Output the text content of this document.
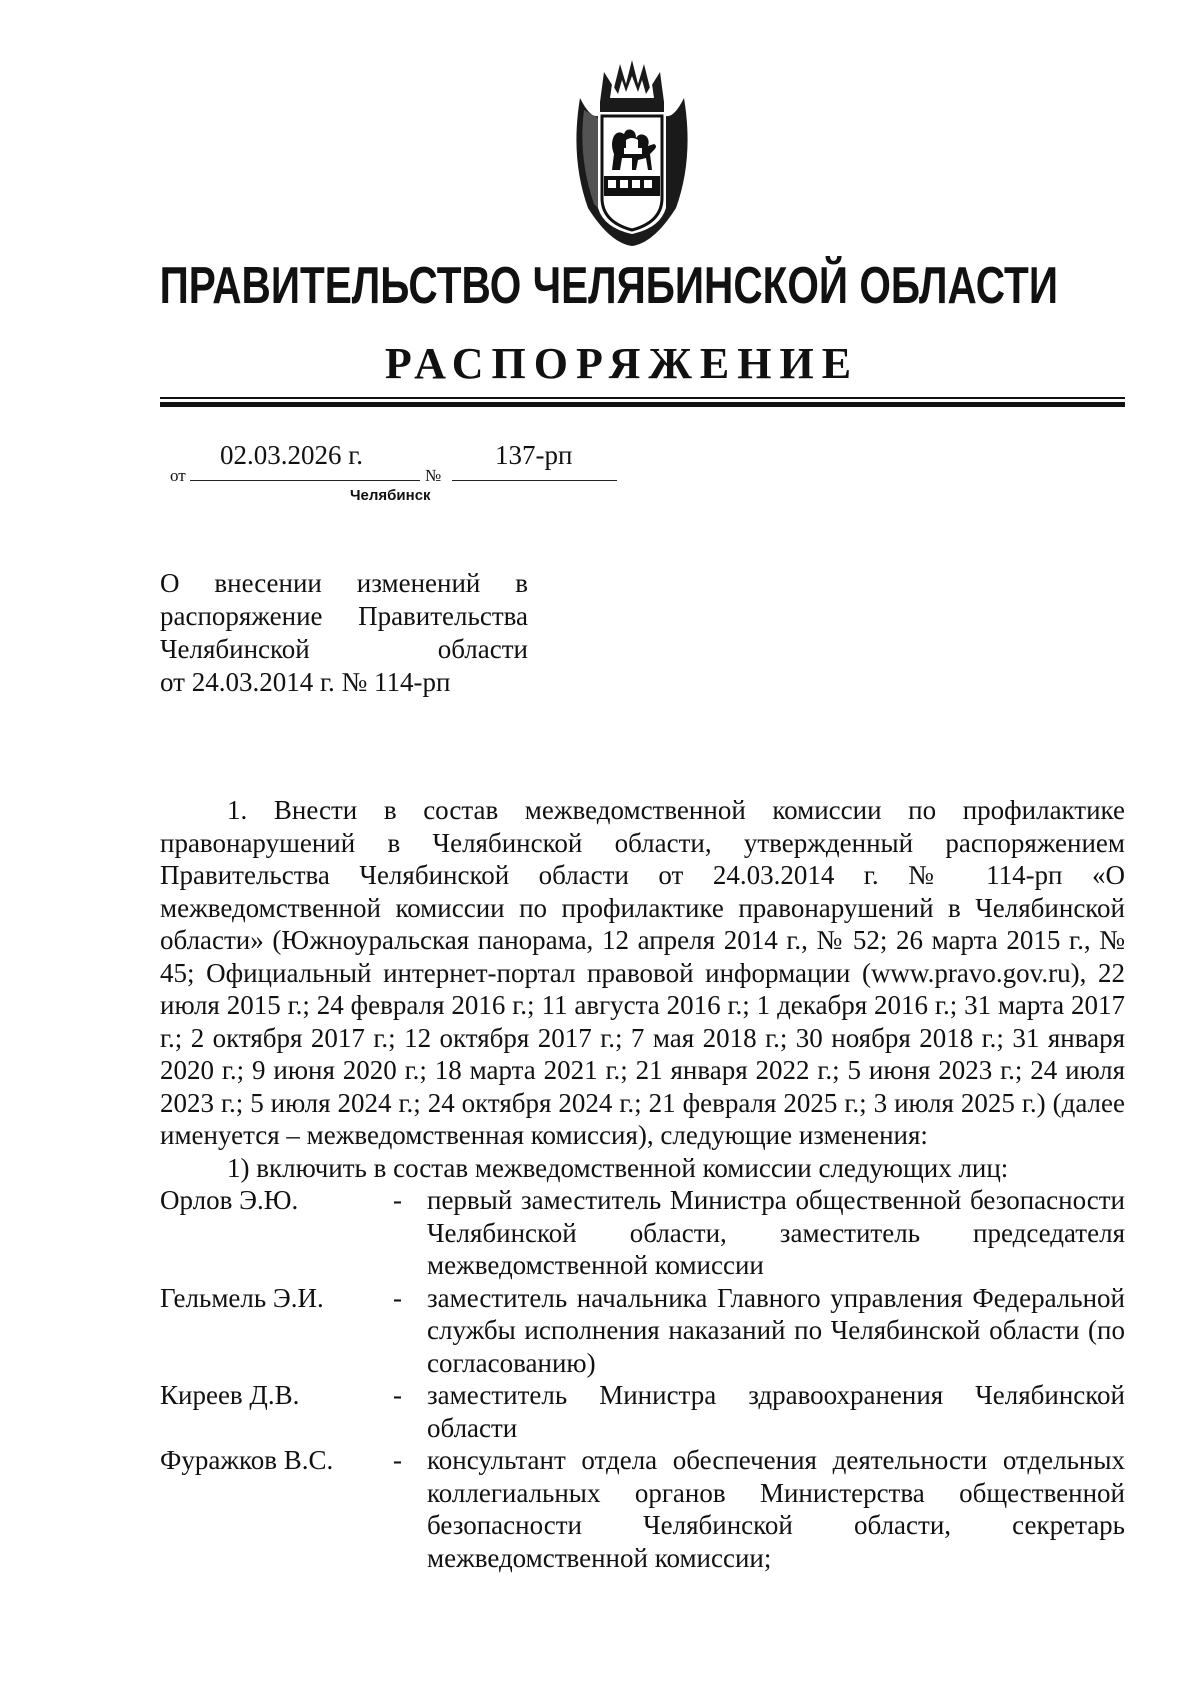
ПРАВИТЕЛЬСТВО ЧЕЛЯБИНСКОЙ ОБЛАСТИ
РАСПОРЯЖЕНИЕ
от
02.03.2026 г.
№
137-рп
Челябинск
О внесении изменений в
распоряжение Правительства
Челябинской области
от 24.03.2014 г. № 114-рп

1. Внести в состав межведомственной комиссии по профилактике правонарушений в Челябинской области, утвержденный распоряжением Правительства Челябинской области от 24.03.2014 г. № 114-рп «О межведомственной комиссии по профилактике правонарушений в Челябинской области» (Южноуральская панорама, 12 апреля 2014 г., № 52; 26 марта 2015 г., № 45; Официальный интернет-портал правовой информации (www.pravo.gov.ru), 22 июля 2015 г.; 24 февраля 2016 г.; 11 августа 2016 г.; 1 декабря 2016 г.; 31 марта 2017 г.; 2 октября 2017 г.; 12 октября 2017 г.; 7 мая 2018 г.; 30 ноября 2018 г.; 31 января 2020 г.; 9 июня 2020 г.; 18 марта 2021 г.; 21 января 2022 г.; 5 июня 2023 г.; 24 июля 2023 г.; 5 июля 2024 г.; 24 октября 2024 г.; 21 февраля 2025 г.; 3 июля 2025 г.) (далее именуется – межведомственная комиссия), следующие изменения:

1) включить в состав межведомственной комиссии следующих лиц:

Орлов Э.Ю.	- первый заместитель Министра общественной безопасности Челябинской области, заместитель председателя межведомственной комиссии
Гельмель Э.И.	- заместитель начальника Главного управления Федеральной службы исполнения наказаний по Челябинской области (по согласованию)
Киреев Д.В.	- заместитель Министра здравоохранения Челябинской области
Фуражков В.С.	- консультант отдела обеспечения деятельности отдельных коллегиальных органов Министерства общественной безопасности Челябинской области, секретарь межведомственной комиссии;
